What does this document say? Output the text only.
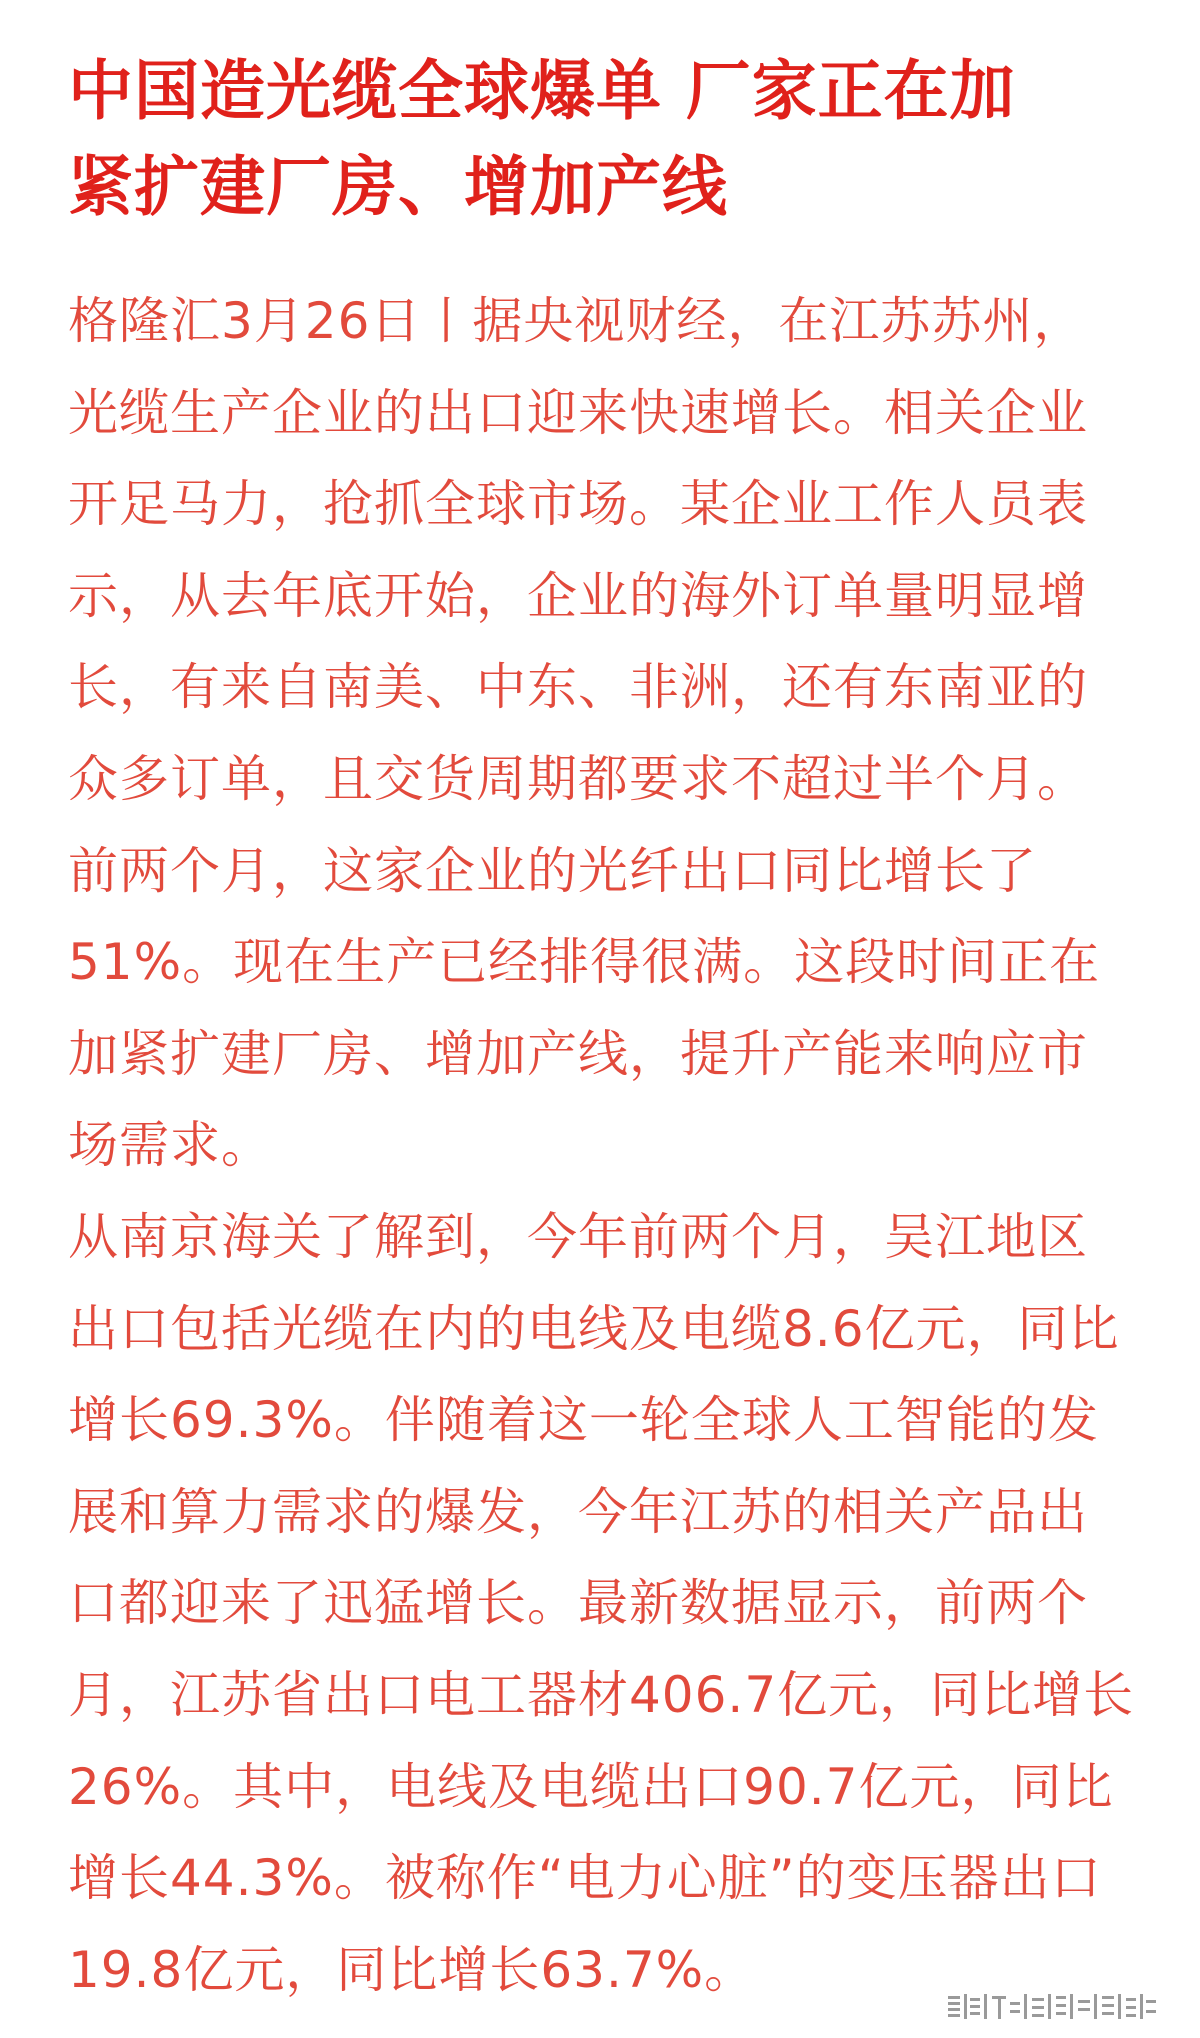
中国造光缆全球爆单 厂家正在加
紧扩建厂房、增加产线
格隆汇3月26日丨据央视财经，在江苏苏州，
光缆生产企业的出口迎来快速增长。相关企业
开足马力，抢抓全球市场。某企业工作人员表
示，从去年底开始，企业的海外订单量明显增
长，有来自南美、中东、非洲，还有东南亚的
众多订单，且交货周期都要求不超过半个月。
前两个月，这家企业的光纤出口同比增长了
51%。现在生产已经排得很满。这段时间正在
加紧扩建厂房、增加产线，提升产能来响应市
场需求。
从南京海关了解到，今年前两个月，吴江地区
出口包括光缆在内的电线及电缆8.6亿元，同比
增长69.3%。伴随着这一轮全球人工智能的发
展和算力需求的爆发，今年江苏的相关产品出
口都迎来了迅猛增长。最新数据显示，前两个
月，江苏省出口电工器材406.7亿元，同比增长
26%。其中，电线及电缆出口90.7亿元，同比
增长44.3%。被称作“电力心脏”的变压器出口
19.8亿元，同比增长63.7%。
